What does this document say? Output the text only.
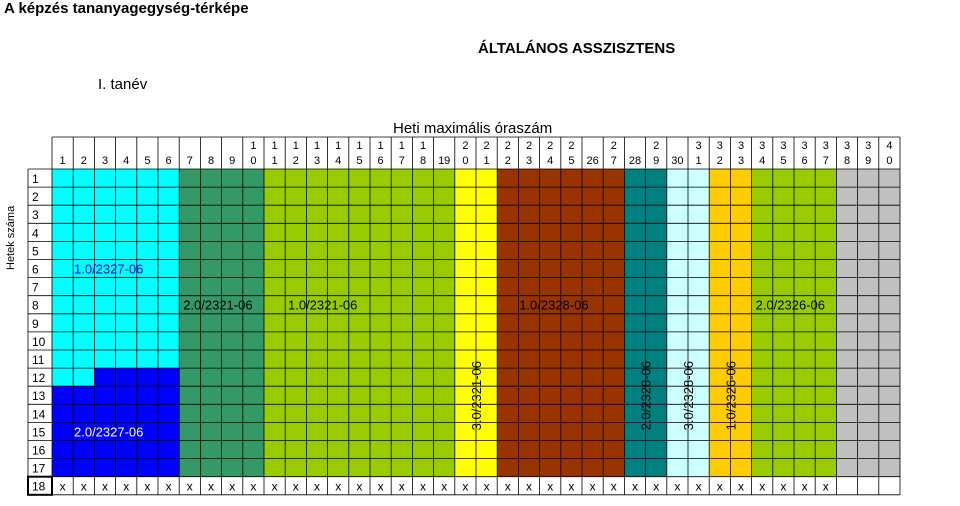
A képzés tananyagegység-térképe
ÁLTALÁNOS ASSZISZTENS
I. tanév
Heti maximális óraszám
Hetek száma
1 2 3 4 5 6 7 8 9
1
0
1
1
1
2
1
3
1
4
1
5
1
6
1
7
1
8 19
2
0
2
1
2
2
2
3
2
4
2
5 26
2
7 28
2
9 30
3
1
3
2
3
3
3
4
3
5
3
6
3
7
3
8
3
9
4
0
1
2
3
4
5
6
7
8
9
10
11
12
13
14
15
16
17
18 x x x x x x x x x x x x x x x x x x x x x x x x x x x x x x x x x x x x x
1.0/2327-06
2.0/2327-06
2.0/2321-06	1.0/2321-06
3.0/2321-06
1.0/2328-06
2.0/2328-06 3.0/2328-06 1.0/2326-06
2.0/2326-06
